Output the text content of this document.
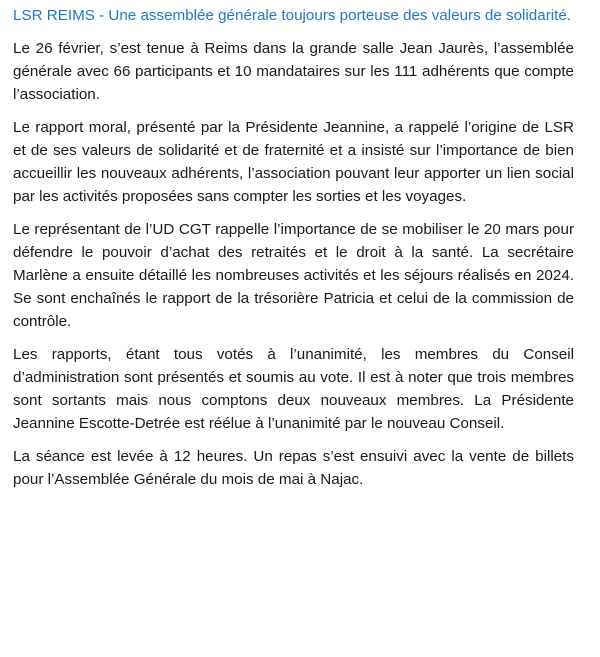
LSR REIMS - Une assemblée générale toujours porteuse des valeurs de solidarité.

Le 26 février, s’est tenue à Reims dans la grande salle Jean Jaurès, l’assemblée générale avec 66 participants et 10 mandataires sur les 111 adhérents que compte l’association.

Le rapport moral, présenté par la Présidente Jeannine, a rappelé l’origine de LSR et de ses valeurs de solidarité et de fraternité et a insisté sur l’importance de bien accueillir les nouveaux adhérents, l’association pouvant leur apporter un lien social par les activités proposées sans compter les sorties et les voyages.

Le représentant de l’UD CGT rappelle l’importance de se mobiliser le 20 mars pour défendre le pouvoir d’achat des retraités et le droit à la santé. La secrétaire Marlène a ensuite détaillé les nombreuses activités et les séjours réalisés en 2024. Se sont enchaînés le rapport de la trésorière Patricia et celui de la commission de contrôle.

Les rapports, étant tous votés à l’unanimité, les membres du Conseil d’administration sont présentés et soumis au vote. Il est à noter que trois membres sont sortants mais nous comptons deux nouveaux membres. La Présidente Jeannine Escotte-Detrée est réélue à l’unanimité par le nouveau Conseil.

La séance est levée à 12 heures. Un repas s’est ensuivi avec la vente de billets pour l’Assemblée Générale du mois de mai à Najac.
